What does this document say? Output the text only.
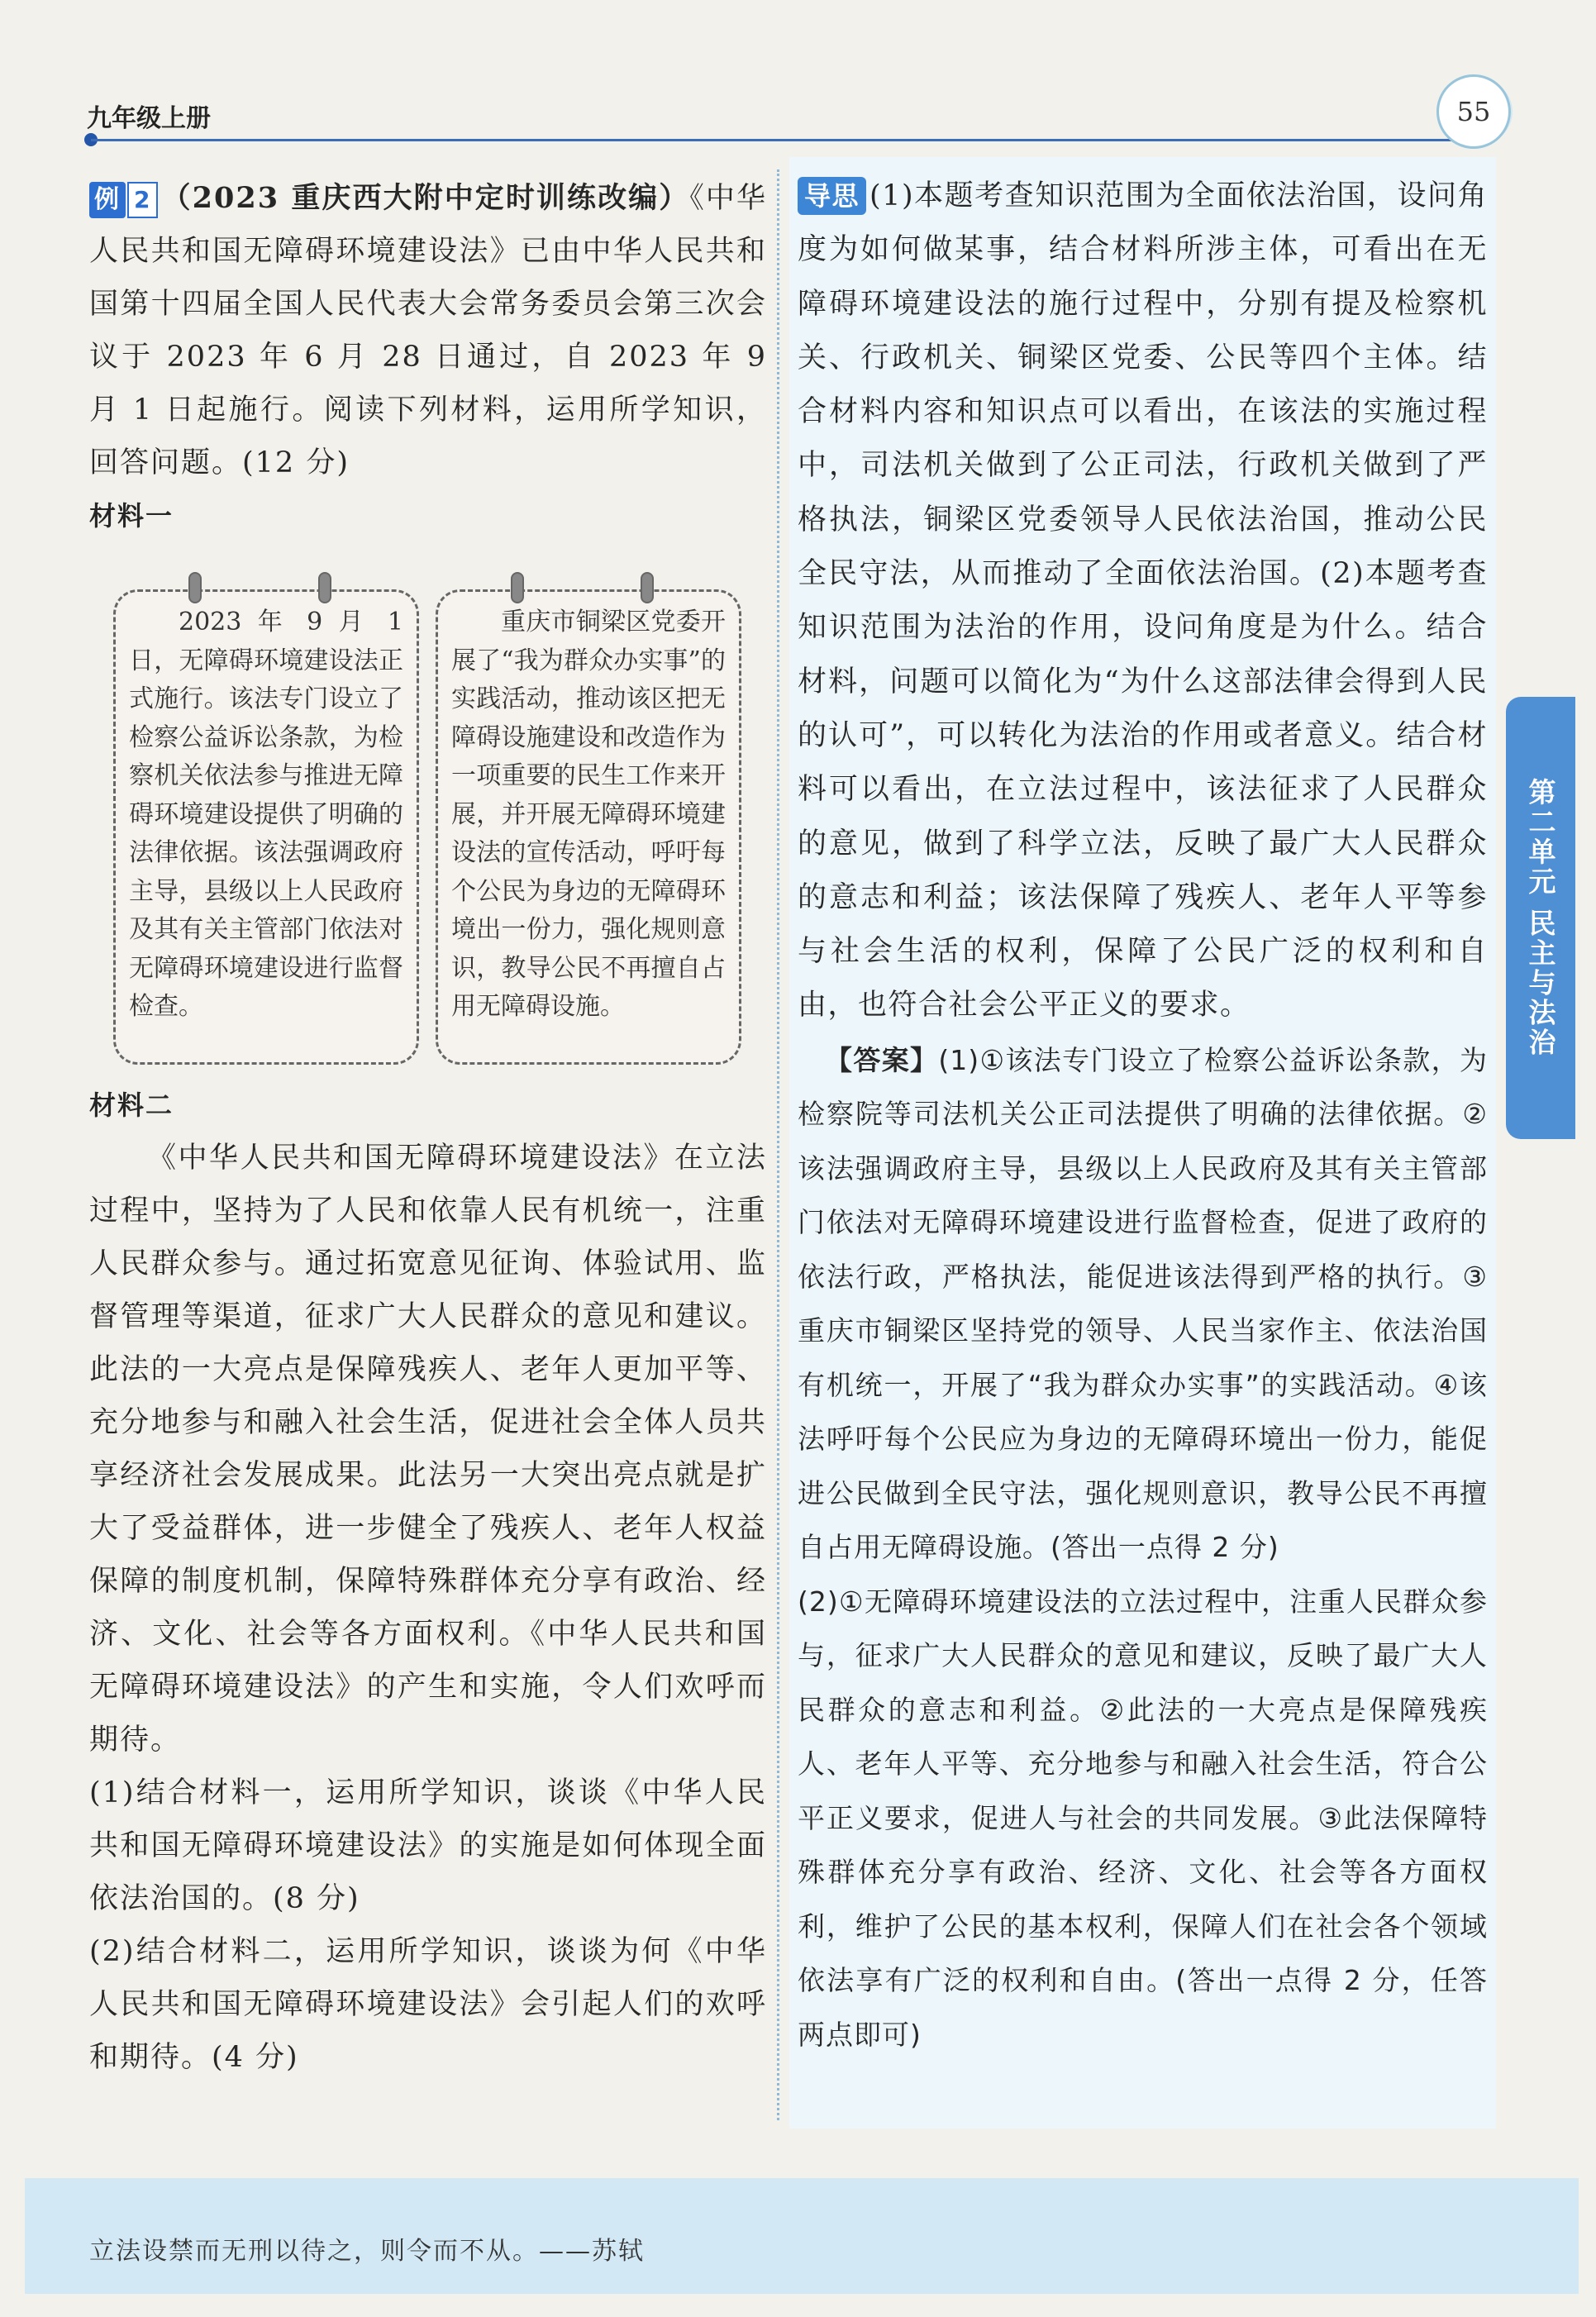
九年级上册	55

例 2 （2023 重庆西大附中定时训练改编）《中华人民共和国无障碍环境建设法》已由中华人民共和国第十四届全国人民代表大会常务委员会第三次会议于 2023 年 6 月 28 日通过，自 2023 年 9 月 1 日起施行。阅读下列材料，运用所学知识，回答问题。(12 分)

材料一

2023 年 9 月 1 日，无障碍环境建设法正式施行。该法专门设立了检察公益诉讼条款，为检察机关依法参与推进无障碍环境建设提供了明确的法律依据。该法强调政府主导，县级以上人民政府及其有关主管部门依法对无障碍环境建设进行监督检查。

重庆市铜梁区党委开展了“我为群众办实事”的实践活动，推动该区把无障碍设施建设和改造作为一项重要的民生工作来开展，并开展无障碍环境建设法的宣传活动，呼吁每个公民为身边的无障碍环境出一份力，强化规则意识，教导公民不再擅自占用无障碍设施。

材料二

《中华人民共和国无障碍环境建设法》在立法过程中，坚持为了人民和依靠人民有机统一，注重人民群众参与。通过拓宽意见征询、体验试用、监督管理等渠道，征求广大人民群众的意见和建议。此法的一大亮点是保障残疾人、老年人更加平等、充分地参与和融入社会生活，促进社会全体人员共享经济社会发展成果。此法另一大突出亮点就是扩大了受益群体，进一步健全了残疾人、老年人权益保障的制度机制，保障特殊群体充分享有政治、经济、文化、社会等各方面权利。《中华人民共和国无障碍环境建设法》的产生和实施，令人们欢呼而期待。

(1)结合材料一，运用所学知识，谈谈《中华人民共和国无障碍环境建设法》的实施是如何体现全面依法治国的。(8 分)

(2)结合材料二，运用所学知识，谈谈为何《中华人民共和国无障碍环境建设法》会引起人们的欢呼和期待。(4 分)

导思 (1)本题考查知识范围为全面依法治国，设问角度为如何做某事，结合材料所涉主体，可看出在无障碍环境建设法的施行过程中，分别有提及检察机关、行政机关、铜梁区党委、公民等四个主体。结合材料内容和知识点可以看出，在该法的实施过程中，司法机关做到了公正司法，行政机关做到了严格执法，铜梁区党委领导人民依法治国，推动公民全民守法，从而推动了全面依法治国。(2)本题考查知识范围为法治的作用，设问角度是为什么。结合材料，问题可以简化为“为什么这部法律会得到人民的认可”，可以转化为法治的作用或者意义。结合材料可以看出，在立法过程中，该法征求了人民群众的意见，做到了科学立法，反映了最广大人民群众的意志和利益；该法保障了残疾人、老年人平等参与社会生活的权利，保障了公民广泛的权利和自由，也符合社会公平正义的要求。

【答案】(1)①该法专门设立了检察公益诉讼条款，为检察院等司法机关公正司法提供了明确的法律依据。②该法强调政府主导，县级以上人民政府及其有关主管部门依法对无障碍环境建设进行监督检查，促进了政府的依法行政，严格执法，能促进该法得到严格的执行。③重庆市铜梁区坚持党的领导、人民当家作主、依法治国有机统一，开展了“我为群众办实事”的实践活动。④该法呼吁每个公民应为身边的无障碍环境出一份力，能促进公民做到全民守法，强化规则意识，教导公民不再擅自占用无障碍设施。(答出一点得 2 分)

(2)①无障碍环境建设法的立法过程中，注重人民群众参与，征求广大人民群众的意见和建议，反映了最广大人民群众的意志和利益。②此法的一大亮点是保障残疾人、老年人平等、充分地参与和融入社会生活，符合公平正义要求，促进人与社会的共同发展。③此法保障特殊群体充分享有政治、经济、文化、社会等各方面权利，维护了公民的基本权利，保障人们在社会各个领域依法享有广泛的权利和自由。(答出一点得 2 分，任答两点即可)

第二单元 民主与法治
立法设禁而无刑以待之，则令而不从。——苏轼
